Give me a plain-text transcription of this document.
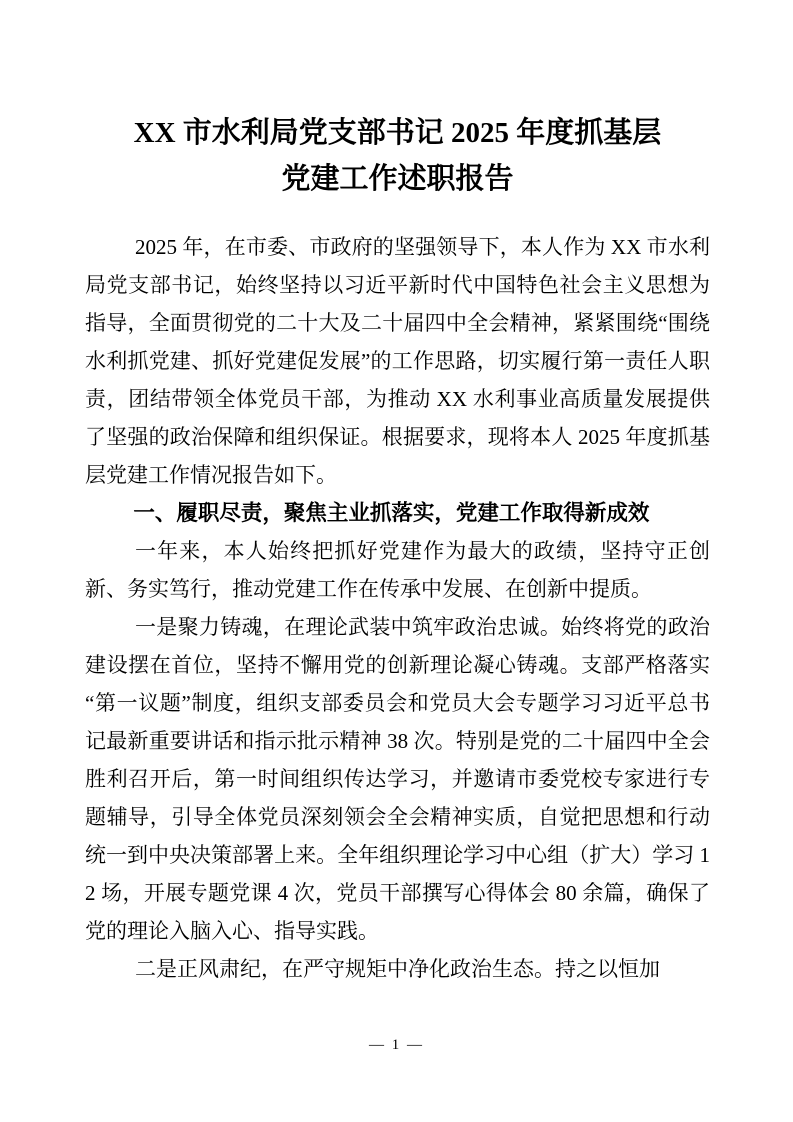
XX 市水利局党支部书记 2025 年度抓基层
党建工作述职报告

2025 年，在市委、市政府的坚强领导下，本人作为 XX 市水利局党支部书记，始终坚持以习近平新时代中国特色社会主义思想为指导，全面贯彻党的二十大及二十届四中全会精神，紧紧围绕“围绕水利抓党建、抓好党建促发展”的工作思路，切实履行第一责任人职责，团结带领全体党员干部，为推动 XX 水利事业高质量发展提供了坚强的政治保障和组织保证。根据要求，现将本人 2025 年度抓基层党建工作情况报告如下。

一、履职尽责，聚焦主业抓落实，党建工作取得新成效

一年来，本人始终把抓好党建作为最大的政绩，坚持守正创新、务实笃行，推动党建工作在传承中发展、在创新中提质。

一是聚力铸魂，在理论武装中筑牢政治忠诚。始终将党的政治建设摆在首位，坚持不懈用党的创新理论凝心铸魂。支部严格落实“第一议题”制度，组织支部委员会和党员大会专题学习习近平总书记最新重要讲话和指示批示精神 38 次。特别是党的二十届四中全会胜利召开后，第一时间组织传达学习，并邀请市委党校专家进行专题辅导，引导全体党员深刻领会全会精神实质，自觉把思想和行动统一到中央决策部署上来。全年组织理论学习中心组（扩大）学习 12 场，开展专题党课 4 次，党员干部撰写心得体会 80 余篇，确保了党的理论入脑入心、指导实践。

二是正风肃纪，在严守规矩中净化政治生态。持之以恒加

— 1 —
